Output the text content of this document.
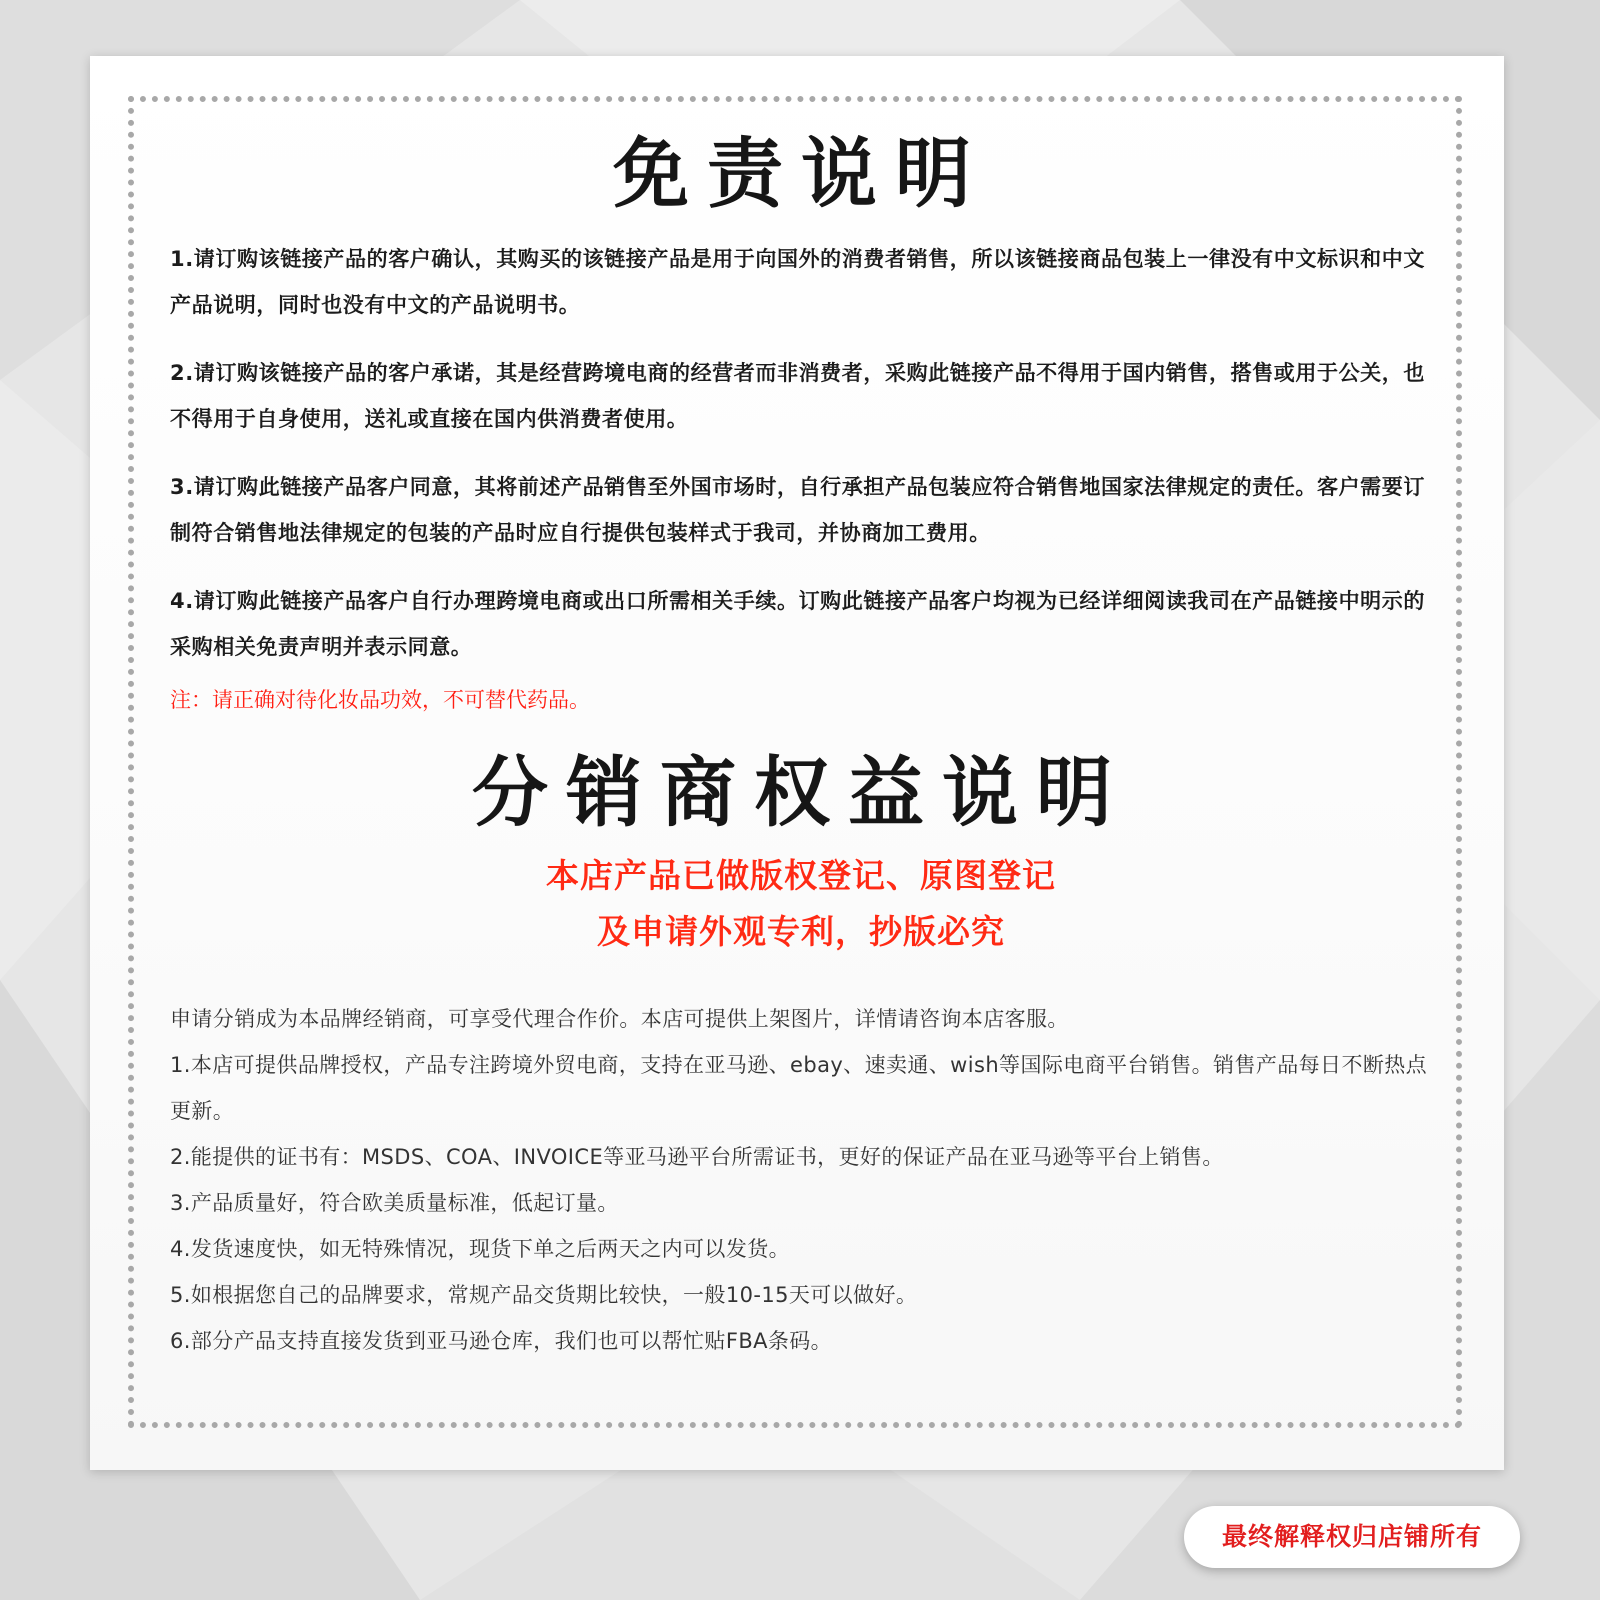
免责说明

1.请订购该链接产品的客户确认，其购买的该链接产品是用于向国外的消费者销售，所以该链接商品包装上一律没有中文标识和中文产品说明，同时也没有中文的产品说明书。

2.请订购该链接产品的客户承诺，其是经营跨境电商的经营者而非消费者，采购此链接产品不得用于国内销售，搭售或用于公关，也不得用于自身使用，送礼或直接在国内供消费者使用。

3.请订购此链接产品客户同意，其将前述产品销售至外国市场时，自行承担产品包装应符合销售地国家法律规定的责任。客户需要订制符合销售地法律规定的包装的产品时应自行提供包装样式于我司，并协商加工费用。

4.请订购此链接产品客户自行办理跨境电商或出口所需相关手续。订购此链接产品客户均视为已经详细阅读我司在产品链接中明示的采购相关免责声明并表示同意。

注：请正确对待化妆品功效，不可替代药品。

分销商权益说明
本店产品已做版权登记、原图登记
及申请外观专利，抄版必究

申请分销成为本品牌经销商，可享受代理合作价。本店可提供上架图片，详情请咨询本店客服。

1.本店可提供品牌授权，产品专注跨境外贸电商，支持在亚马逊、ebay、速卖通、wish等国际电商平台销售。销售产品每日不断热点更新。

2.能提供的证书有：MSDS、COA、INVOICE等亚马逊平台所需证书，更好的保证产品在亚马逊等平台上销售。

3.产品质量好，符合欧美质量标准，低起订量。

4.发货速度快，如无特殊情况，现货下单之后两天之内可以发货。

5.如根据您自己的品牌要求，常规产品交货期比较快，一般10-15天可以做好。

6.部分产品支持直接发货到亚马逊仓库，我们也可以帮忙贴FBA条码。

最终解释权归店铺所有
